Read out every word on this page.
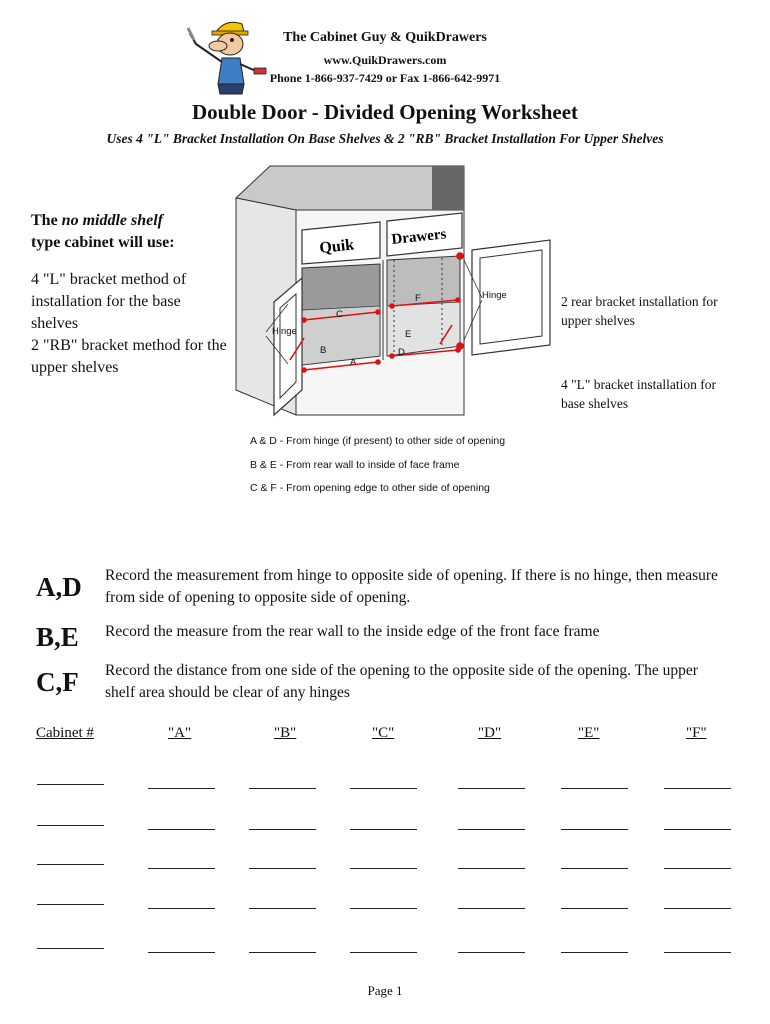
The Cabinet Guy & QuikDrawers
www.QuikDrawers.com
Phone 1-866-937-7429 or Fax 1-866-642-9971
Double Door - Divided Opening Worksheet
Uses 4 "L" Bracket Installation On Base Shelves & 2 "RB" Bracket Installation For Upper Shelves
The no middle shelf
type cabinet will use:
4 "L" bracket method of installation for the base shelves
2 "RB" bracket method for the upper shelves
2 rear bracket installation for upper shelves
4 "L" bracket installation for base shelves
Quik Drawers
Hinge
Hinge
A
B
C
D
E
F
A & D - From hinge (if present) to other side of opening
B & E - From rear wall to inside of face frame
C & F - From opening edge to other side of opening
A,D Record the measurement from hinge to opposite side of opening. If there is no hinge, then measure from side of opening to opposite side of opening.
B,E Record the measure from the rear wall to the inside edge of the front face frame
C,F Record the distance from one side of the opening to the opposite side of the opening. The upper shelf area should be clear of any hinges
Cabinet #	"A"	"B"	"C"	"D"	"E"	"F"
Page 1
